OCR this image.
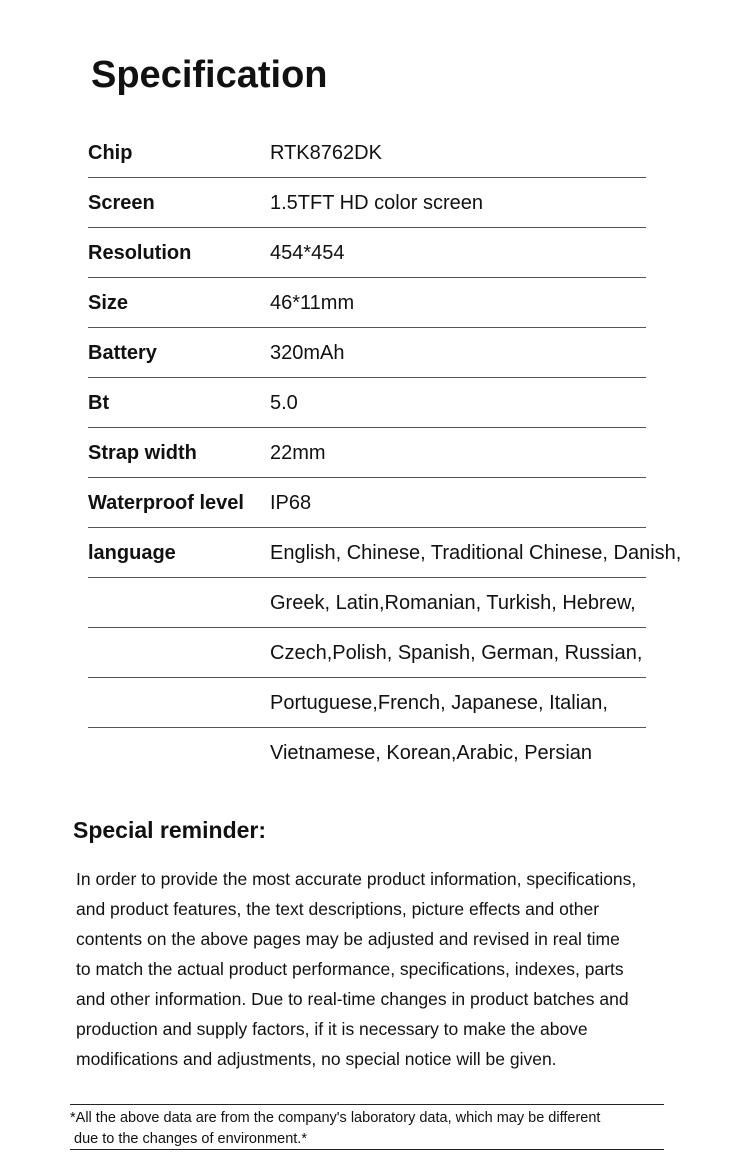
Specification
Chip	RTK8762DK
Screen	1.5TFT HD color screen
Resolution	454*454
Size	46*11mm
Battery	320mAh
Bt	5.0
Strap width	22mm
Waterproof level IP68
language	English, Chinese, Traditional Chinese, Danish,
Greek, Latin,Romanian, Turkish, Hebrew,
Czech,Polish, Spanish, German, Russian,
Portuguese,French, Japanese, Italian,
Vietnamese, Korean,Arabic, Persian
Special reminder:
In order to provide the most accurate product information, specifications,
and product features, the text descriptions, picture effects and other
contents on the above pages may be adjusted and revised in real time
to match the actual product performance, specifications, indexes, parts
and other information. Due to real-time changes in product batches and
production and supply factors, if it is necessary to make the above
modifications and adjustments, no special notice will be given.
*All the above data are from the company's laboratory data, which may be different
due to the changes of environment.*
